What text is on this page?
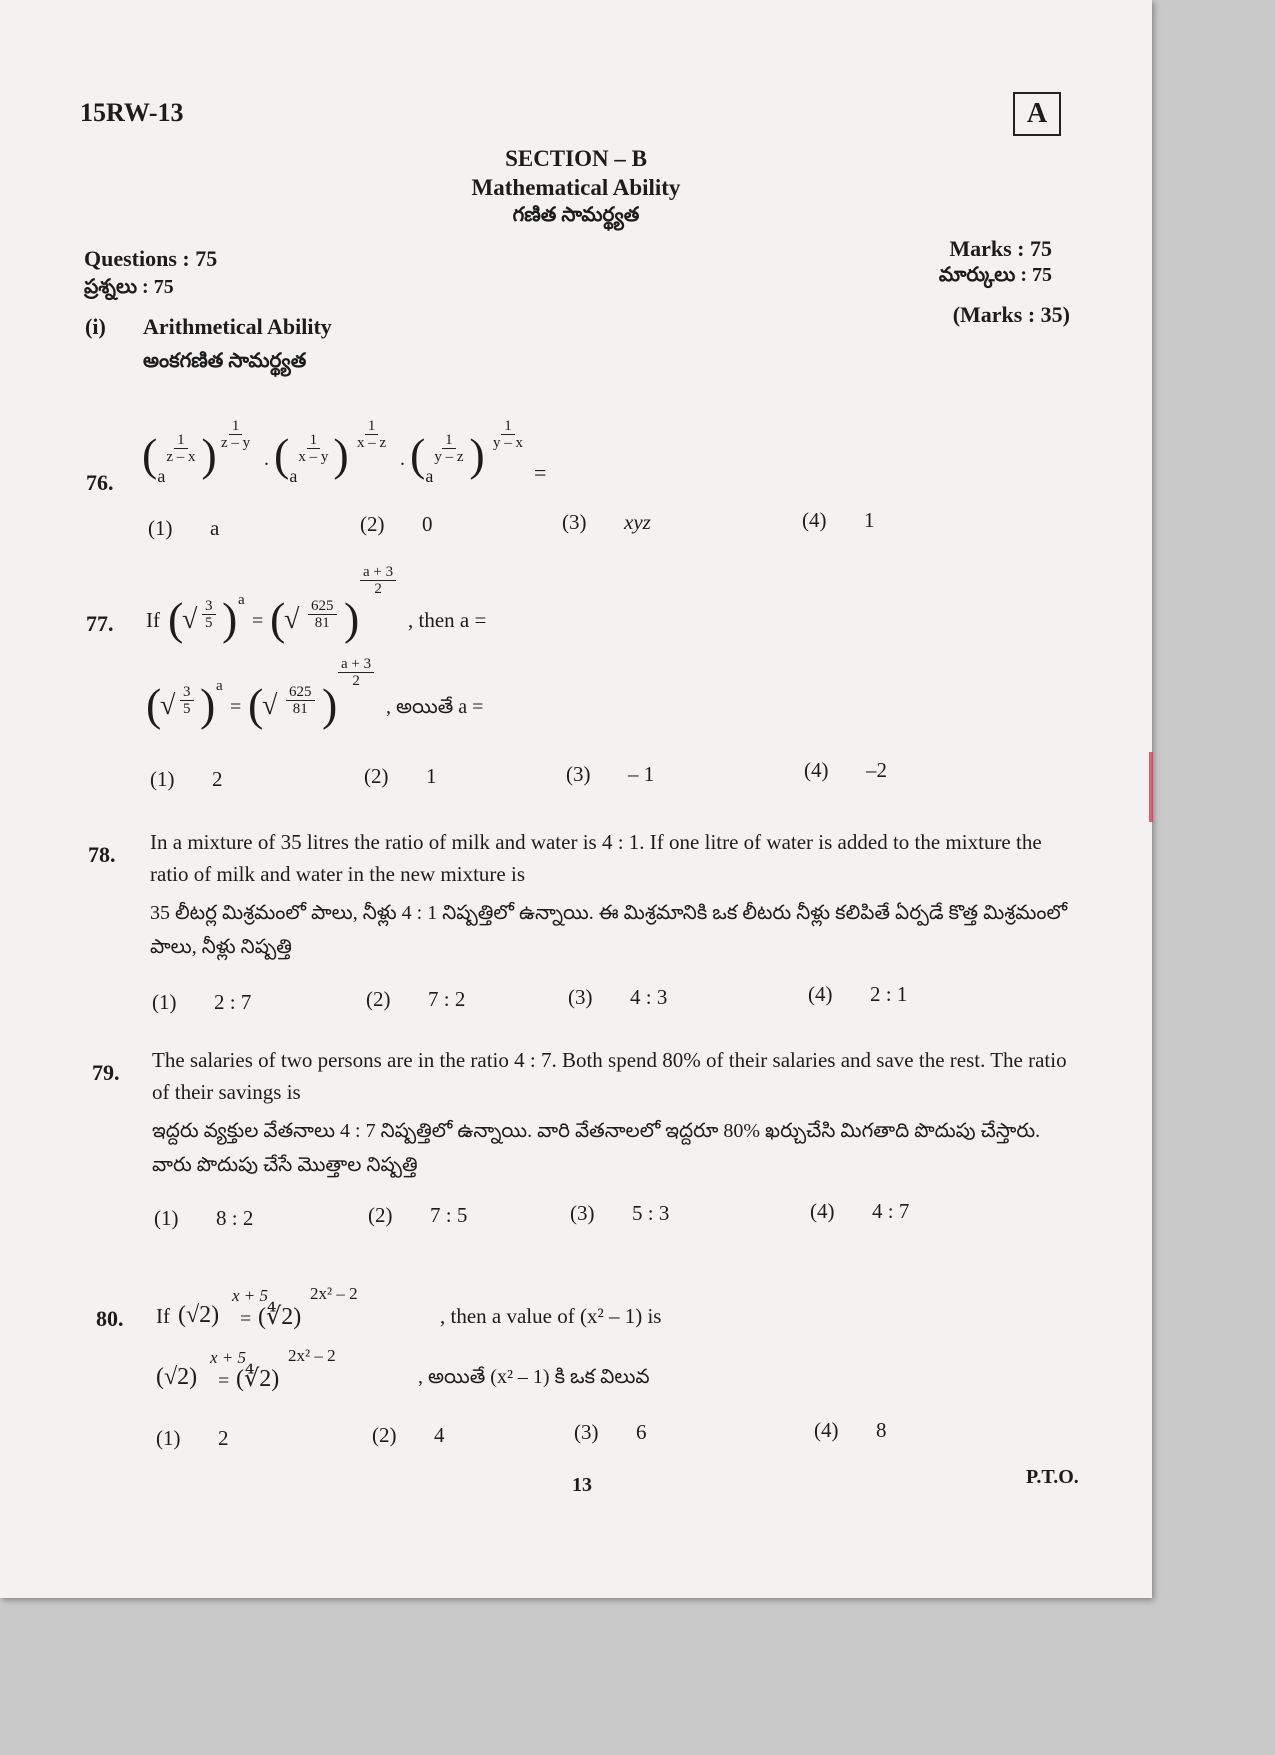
15RW-13	A
SECTION – B
Mathematical Ability
గణిత సామర్థ్యత
Questions : 75
ప్రశ్నలు : 75
Marks : 75
మార్కులు : 75
(Marks : 35)
(i) Arithmetical Ability
అంకగణిత సామర్థ్యత
76.
( $\frac{1}{z - x}$
a ) $\frac{1}{z - y}$
. ( $\frac{1}{x - y}$
a ) $\frac{1}{x - z}$
. ( $\frac{1}{y - z}$
a ) $\frac{1}{y - x}$
=
(1) a	(2) 0	(3) xyz	(4) 1
77. If (
√ $\frac{3}{5}$ ) a
= (
√ $\frac{625}{81}$ )
$\frac{a + 3}{2}$
, then a =
(
√ $\frac{3}{5}$ ) a
= (
√ $\frac{625}{81}$ )
$\frac{a + 3}{2}$
, అయితే a =
(1) 2	(2) 1	(3) – 1	(4) –2
78. In a mixture of 35 litres the ratio of milk and water is 4 : 1. If one litre of water is added to the mixture the ratio of milk and water in the new mixture is
35 లీటర్ల మిశ్రమంలో పాలు, నీళ్లు 4 : 1 నిష్పత్తిలో ఉన్నాయి. ఈ మిశ్రమానికి ఒక లీటరు నీళ్లు కలిపితే ఏర్పడే కొత్త మిశ్రమంలో పాలు, నీళ్లు నిష్పత్తి
(1) 2 : 7	(2) 7 : 2	(3) 4 : 3	(4) 2 : 1
79. The salaries of two persons are in the ratio 4 : 7. Both spend 80% of their salaries and save the rest. The ratio of their savings is
ఇద్దరు వ్యక్తుల వేతనాలు 4 : 7 నిష్పత్తిలో ఉన్నాయి. వారి వేతనాలలో ఇద్దరూ 80% ఖర్చుచేసి మిగతాది పొదుపు చేస్తారు. వారు పొదుపు చేసే మొత్తాల నిష్పత్తి
(1) 8 : 2	(2) 7 : 5	(3) 5 : 3	(4) 4 : 7
80. If (√2)
x + 5
= (∜2)
2x² – 2
, then a value of (x² – 1) is
(√2)
x + 5
= (∜2)
2x² – 2
, అయితే (x² – 1) కి ఒక విలువ
(1) 2	(2) 4	(3) 6	(4) 8
13	P.T.O.
